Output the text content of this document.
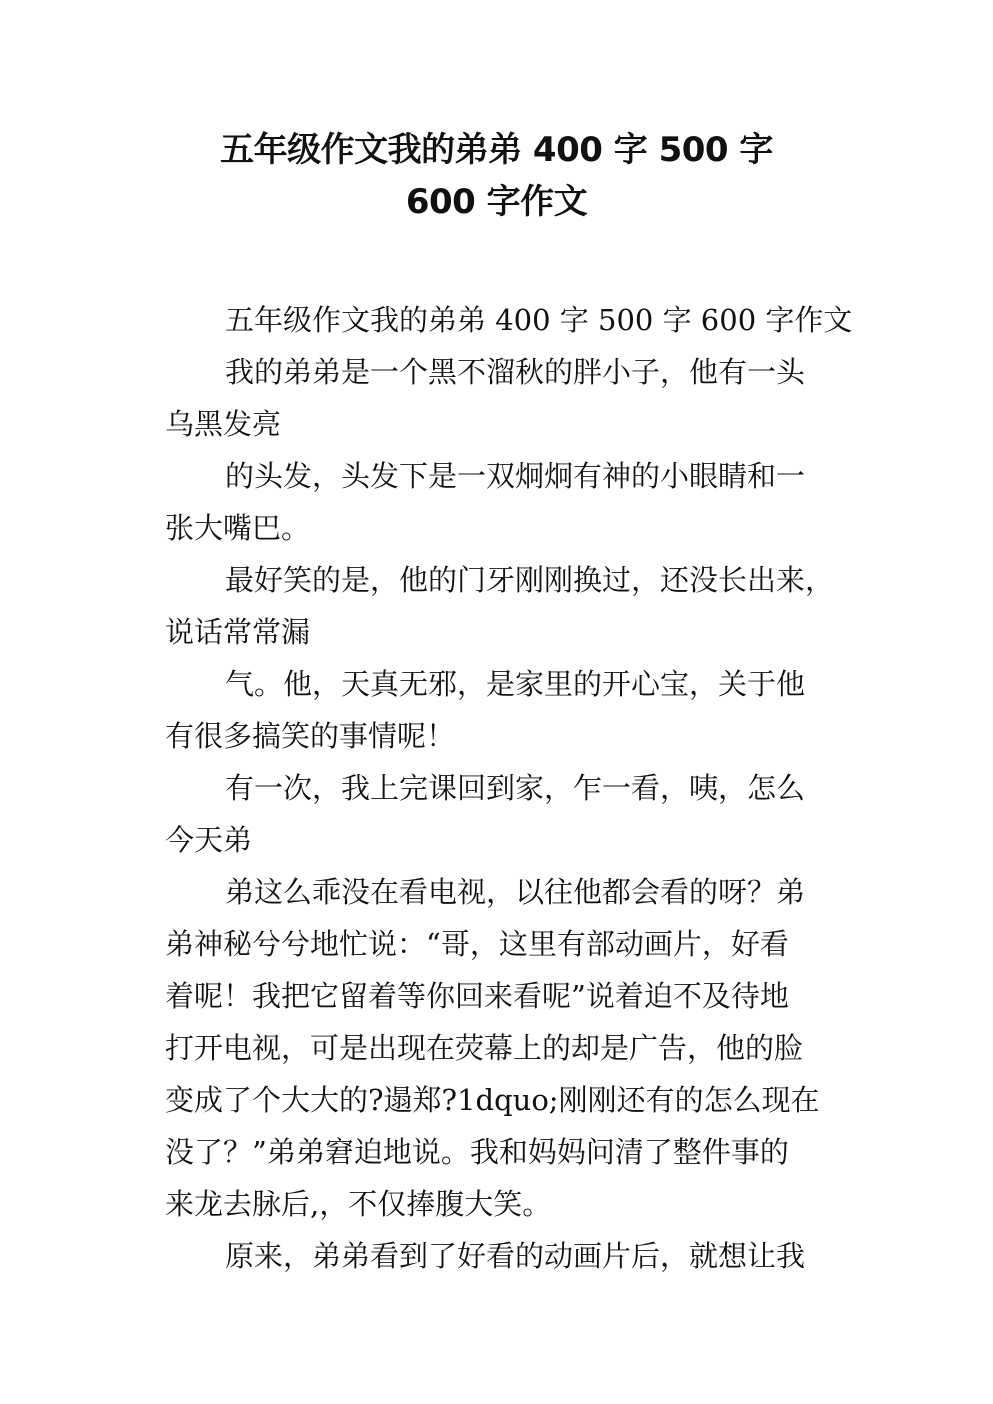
五年级作文我的弟弟 400 字 500 字
600 字作文
五年级作文我的弟弟 400 字 500 字 600 字作文
我的弟弟是一个黑不溜秋的胖小子，他有一头
乌黑发亮
的头发，头发下是一双炯炯有神的小眼睛和一
张大嘴巴。
最好笑的是，他的门牙刚刚换过，还没长出来，
说话常常漏
气。他，天真无邪，是家里的开心宝，关于他
有很多搞笑的事情呢！
有一次，我上完课回到家，乍一看，咦，怎么
今天弟
弟这么乖没在看电视，以往他都会看的呀？弟
弟神秘兮兮地忙说：“哥，这里有部动画片，好看
着呢！我把它留着等你回来看呢”说着迫不及待地
打开电视，可是出现在荧幕上的却是广告，他的脸
变成了个大大的?遢郑?1dquo;刚刚还有的怎么现在
没了？”弟弟窘迫地说。我和妈妈问清了整件事的
来龙去脉后,，不仅捧腹大笑。
原来，弟弟看到了好看的动画片后，就想让我
